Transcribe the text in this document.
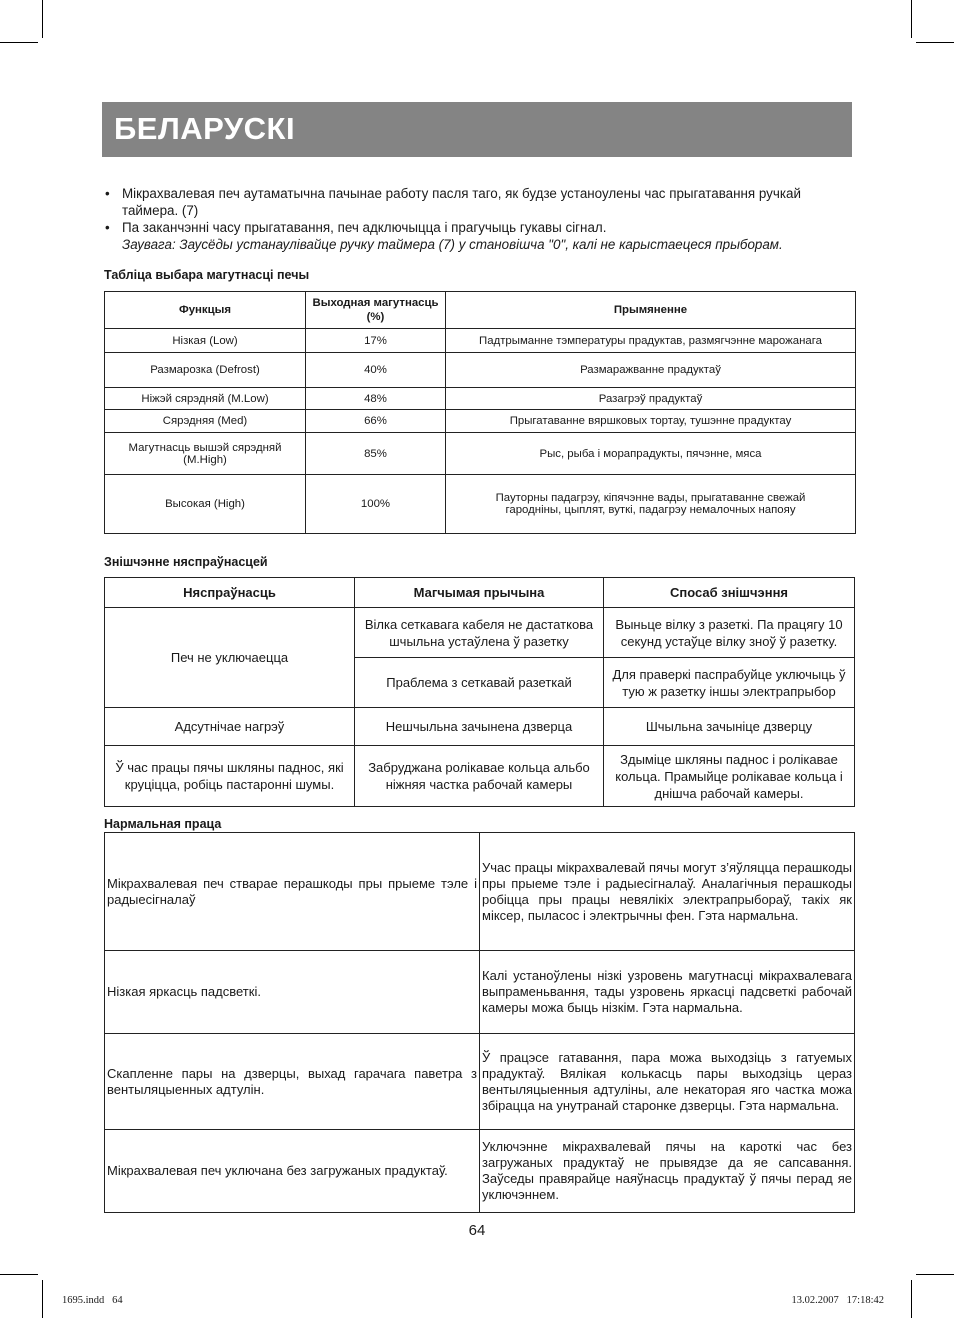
БЕЛАРУСКІ
• Мікрахвалевая печ аутаматычна пачынае работу пасля таго, як будзе устаноулены час прыгатавання ручкай таймера. (7)
• Па заканчэнні часу прыгатавання, печ адключыцца і прагучыць гукавы сігнал.
Заувага: Заусёды устанаулівайце ручку таймера (7) у становішча "0", калі не карыстаецеся прыборам.
Табліца выбара магутнасці печы
Функцыя	Выходная магутнасць (%)	Прымяненне
Нізкая (Low)	17%	Падтрыманне тэмпературы прадуктав, размягчэнне марожанага
Размарозка (Defrost)	40%	Размаражванне прадуктаў
Ніжэй сярэдняй (M.Low)	48%	Разагрэў прадуктаў
Сярэдняя (Med)	66%	Прыгатаванне вяршковых тортау, тушэнне прадуктау
Магутнасць вышэй сярэдняй (M.High)	85%	Рыс, рыба і морапрадукты, пячэнне, мяса
Высокая (High)	100%	Пауторны падагрэу, кіпячэнне вады, прыгатаванне свежай гародніны, цыплят, вуткі, падагрэу немалочных напояу
Знішчэнне няспраўнасцей
Няспраўнасць	Магчымая прычына	Спосаб знішчэння
Печ не уключаецца	Вілка сеткавага кабеля не дастаткова шчыльна устаўлена ў разетку	Выньце вілку з разеткі. Па працягу 10 секунд устаўце вілку зноў ў разетку.
	Праблема з сеткавай разеткай	Для праверкі паспрабуйце уключыць ў тую ж разетку іншы электрапрыбор
Адсутнічае нагрэў	Нешчыльна зачынена дзверца	Шчыльна зачыніце дзверцу
Ў час працы пячы шкляны паднос, які круціцца, робіць пастаронні шумы.	Забруджана ролікавае кольца альбо ніжняя частка рабочай камеры	Здыміце шкляны паднос і ролікавае кольца. Прамыйце ролікавае кольца і днішча рабочай камеры.
Нармальная праца
Мікрахвалевая печ стварае перашкоды пры прыеме тэле і радыесігналаў	Учас працы мікрахвалевай пячы могут з’яўляцца перашкоды пры прыеме тэле і радыесігналаў. Аналагічныя перашкоды робіцца пры працы невялікіх электрапрыбораў, такіх як міксер, пыласос і электрычны фен. Гэта нармальна.
Нізкая яркасць падсветкі.	Калі устаноўлены нізкі узровень магутнасці мікрахвалевага выпраменьвання, тады узровень яркасці падсветкі рабочай камеры можа быць нізкім. Гэта нармальна.
Скапленне пары на дзверцы, выхад гарачага паветра з вентыляцыенных адтулін.	Ў працэсе гатавання, пара можа выходзіць з гатуемых прадуктаў. Вялікая колькасць пары выходзіць цераз вентыляцыенныя адтуліны, але некаторая яго частка можа збірацца на унутранай старонке дзверцы. Гэта нармальна.
Мікрахвалевая печ уключана без загружаных прадуктаў.	Уключэнне мікрахвалевай пячы на кароткі час без загружаных прадуктаў не прывядзе да яе сапсавання. Заўседы правярайце наяўнасць прадуктаў ў пячы перад яе уключэннем.
64
1695.indd   64	13.02.2007   17:18:42
